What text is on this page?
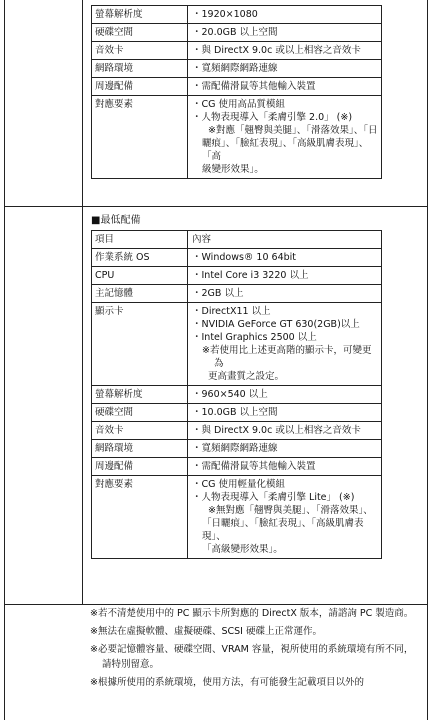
螢幕解析度	・1920×1080

硬碟空間	・20.0GB 以上空間

音效卡	・與 DirectX 9.0c 或以上相容之音效卡

網路環境	・寬頻網際網路連線

周邊配備	・需配備滑鼠等其他輸入裝置

對應要素	・CG 使用高品質模組
・人物表現導入「柔膚引擎 2.0」 (※)
※對應「翹臀與美腿」、「滑落效果」、「日
曬痕」、「臉紅表現」、「高級肌膚表現」、「高
級變形效果」。
■最低配備
項目	內容
作業系統 OS	・Windows® 10 64bit

CPU	・Intel Core i3 3220 以上

主記憶體	・2GB 以上

顯示卡	・DirectX11 以上
・NVIDIA GeForce GT 630(2GB)以上
・Intel Graphics 2500 以上
※若使用比上述更高階的顯示卡，可變更為
更高畫質之設定。

螢幕解析度	・960×540 以上

硬碟空間	・10.0GB 以上空間

音效卡	・與 DirectX 9.0c 或以上相容之音效卡

網路環境	・寬頻網際網路連線

周邊配備	・需配備滑鼠等其他輸入裝置

對應要素	・CG 使用輕量化模組
・人物表現導入「柔膚引擎 Lite」 (※)
※無對應「翹臀與美腿」、「滑落效果」、
「日曬痕」、「臉紅表現」、「高級肌膚表現」、
「高級變形效果」。
※若不清楚使用中的 PC 顯示卡所對應的 DirectX 版本，請諮詢 PC 製造商。
※無法在虛擬軟體、虛擬硬碟、SCSI 硬碟上正常運作。
※必要記憶體容量、硬碟空間、VRAM 容量，視所使用的系統環境有所不同，請特別留意。
※根據所使用的系統環境，使用方法，有可能發生記載項目以外的
